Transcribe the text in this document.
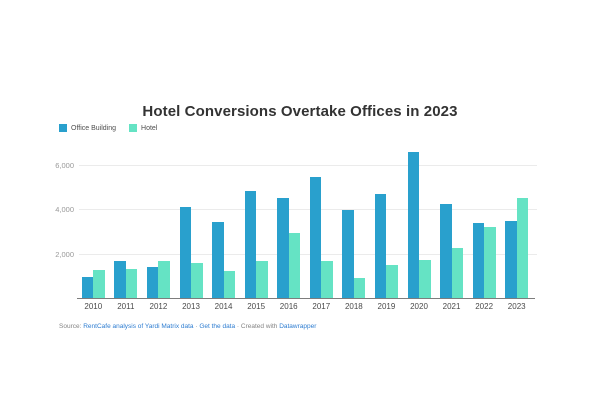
Hotel Conversions Overtake Offices in 2023
Office Building	Hotel
2,000
4,000
6,000
2010	2011	2012	2013	2014	2015	2016	2017	2018	2019	2020	2021	2022	2023
Source: RentCafe analysis of Yardi Matrix data · Get the data · Created with Datawrapper
